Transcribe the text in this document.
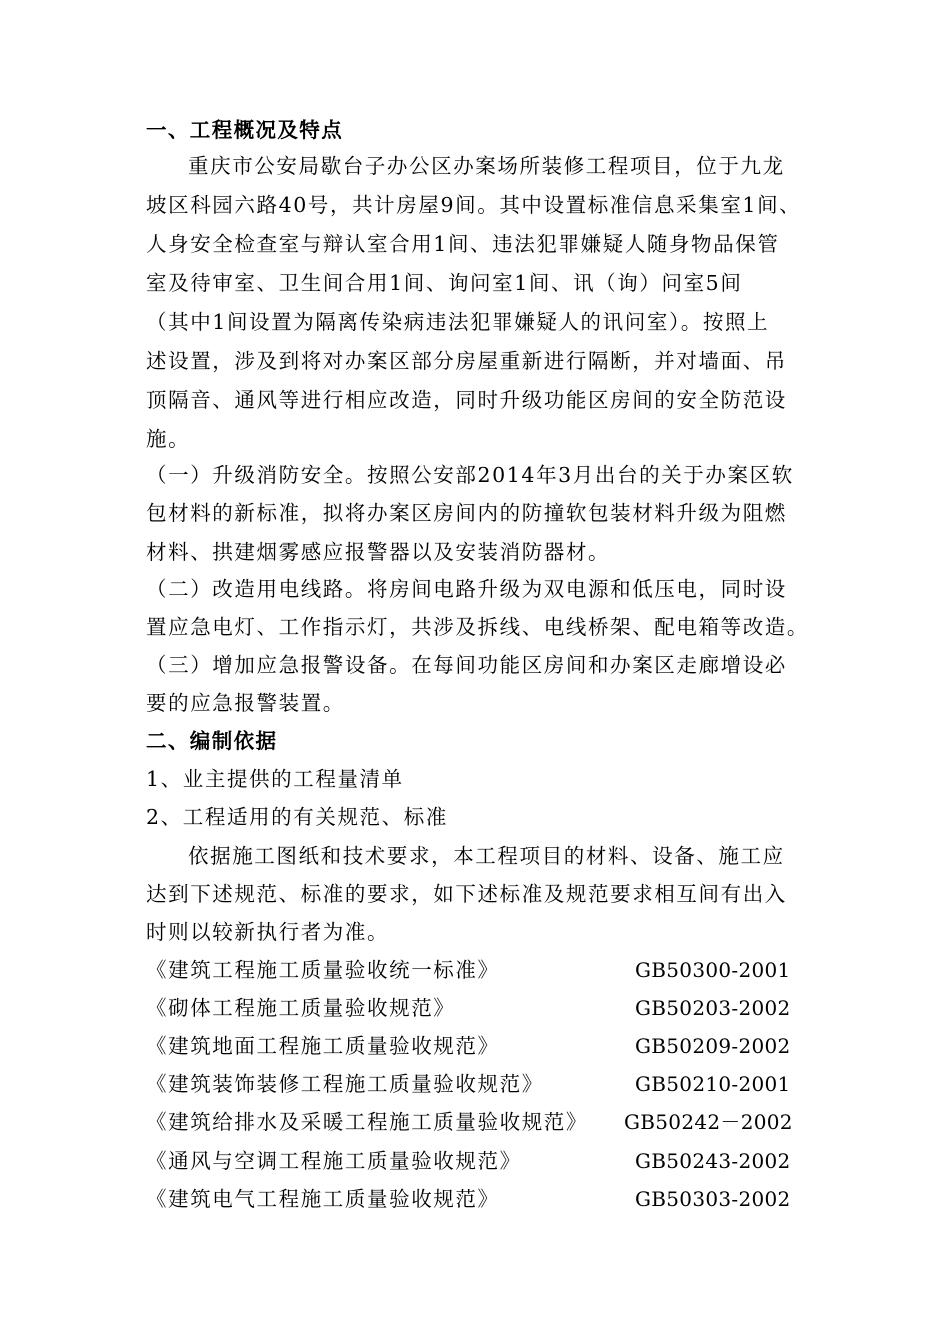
一、工程概况及特点
重庆市公安局歇台子办公区办案场所装修工程项目，位于九龙
坡区科园六路40号，共计房屋9间。其中设置标准信息采集室1间、
人身安全检查室与辩认室合用1间、违法犯罪嫌疑人随身物品保管
室及待审室、卫生间合用1间、询问室1间、讯（询）问室5间
（其中1间设置为隔离传染病违法犯罪嫌疑人的讯问室）。按照上
述设置，涉及到将对办案区部分房屋重新进行隔断，并对墙面、吊
顶隔音、通风等进行相应改造，同时升级功能区房间的安全防范设
施。
（一）升级消防安全。按照公安部2014年3月出台的关于办案区软
包材料的新标准，拟将办案区房间内的防撞软包装材料升级为阻燃
材料、拱建烟雾感应报警器以及安装消防器材。
（二）改造用电线路。将房间电路升级为双电源和低压电，同时设
置应急电灯、工作指示灯，共涉及拆线、电线桥架、配电箱等改造。
（三）增加应急报警设备。在每间功能区房间和办案区走廊增设必
要的应急报警装置。
二、编制依据
1、业主提供的工程量清单
2、工程适用的有关规范、标准
依据施工图纸和技术要求，本工程项目的材料、设备、施工应
达到下述规范、标准的要求，如下述标准及规范要求相互间有出入
时则以较新执行者为准。
《建筑工程施工质量验收统一标准》	GB50300-2001
《砌体工程施工质量验收规范》	GB50203-2002
《建筑地面工程施工质量验收规范》	GB50209-2002
《建筑装饰装修工程施工质量验收规范》	GB50210-2001
《建筑给排水及采暖工程施工质量验收规范》 GB50242－2002
《通风与空调工程施工质量验收规范》	GB50243-2002
《建筑电气工程施工质量验收规范》	GB50303-2002
